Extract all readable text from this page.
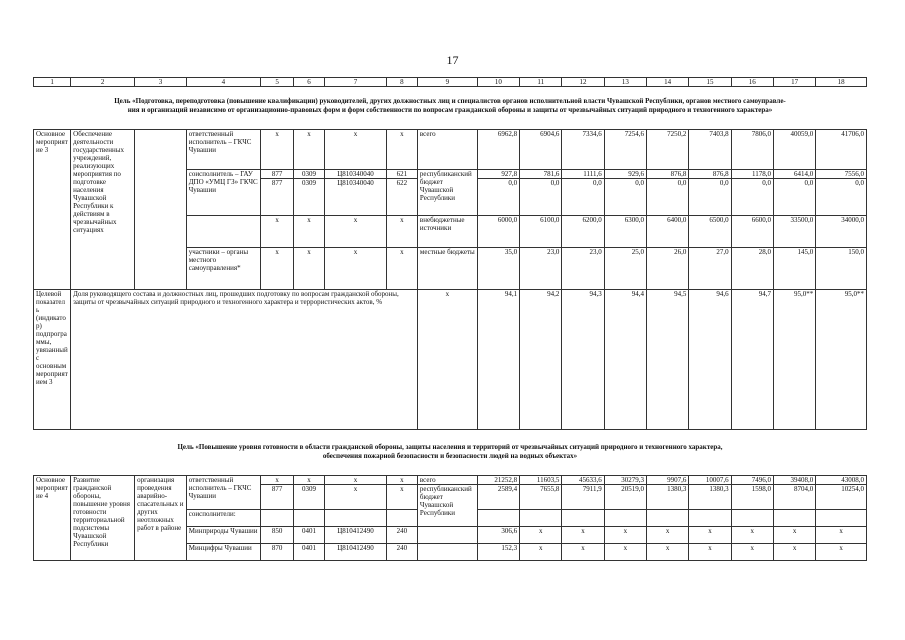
17
1	2	3	4	5	6	7	8	9	10	11	12	13	14	15	16	17	18
Цель «Подготовка, переподготовка (повышение квалификации) руководителей, других должностных лиц и специалистов органов исполнительной власти Чувашской Республики, органов местного самоуправле-
ния и организаций независимо от организационно-правовых форм и форм собственности по вопросам гражданской обороны и защиты от чрезвычайных ситуаций природного и техногенного характера»
Основное мероприятие 3	Обеспечение деятельности государственных учреждений, реализующих мероприятия по подготовке населения Чувашской Республики к действиям в чрезвычайных ситуациях		ответственный исполнитель – ГКЧС Чувашии	x	x	x	x	всего	6962,8	6904,6	7334,6	7254,6	7250,2	7403,8	7806,0	40059,0	41706,0
			соисполнитель – ГАУ ДПО «УМЦ ГЗ» ГКЧС Чувашии	877	0309	Ц810340040	621	республиканский бюджет Чувашской Республики	927,8	781,6	1111,6	929,6	876,8	876,8	1178,0	6414,0	7556,0
				877	0309	Ц810340040	622		0,0	0,0	0,0	0,0	0,0	0,0	0,0	0,0	0,0
				x	x	x	x	внебюджетные источники	6000,0	6100,0	6200,0	6300,0	6400,0	6500,0	6600,0	33500,0	34000,0
			участники – органы местного самоуправления*	x	x	x	x	местные бюджеты	35,0	23,0	23,0	25,0	26,0	27,0	28,0	145,0	150,0
Целевой показатель (индикатор) подпрограммы, увязанный с основным мероприятием 3	Доля руководящего состава и должностных лиц, прошедших подготовку по вопросам гражданской обороны, защиты от чрезвычайных ситуаций природного и техногенного характера и террористических актов, %							x	94,1	94,2	94,3	94,4	94,5	94,6	94,7	95,0**	95,0**
Цель «Повышение уровня готовности в области гражданской обороны, защиты населения и территорий от чрезвычайных ситуаций природного и техногенного характера,
обеспечения пожарной безопасности и безопасности людей на водных объектах»
Основное мероприятие 4	Развитие гражданской обороны, повышение уровня готовности территориальной подсистемы Чувашской Республики	организация проведения аварийно-спасательных и других неотложных работ в районе	ответственный исполнитель – ГКЧС Чувашии	x	x	x	x	всего	21252,8	11603,5	45633,6	30279,3	9907,6	10007,6	7496,0	39408,0	43008,0
				877	0309	x	x	республиканский бюджет Чувашской Республики	2589,4	7655,8	7911,9	20519,0	1380,3	1380,3	1598,0	8704,0	10254,0
			соисполнители:														
			Минприроды Чувашии	850	0401	Ц810412490	240		306,6	x	x	x	x	x	x	x	x
			Минцифры Чувашии	870	0401	Ц810412490	240		152,3	x	x	x	x	x	x	x	x
